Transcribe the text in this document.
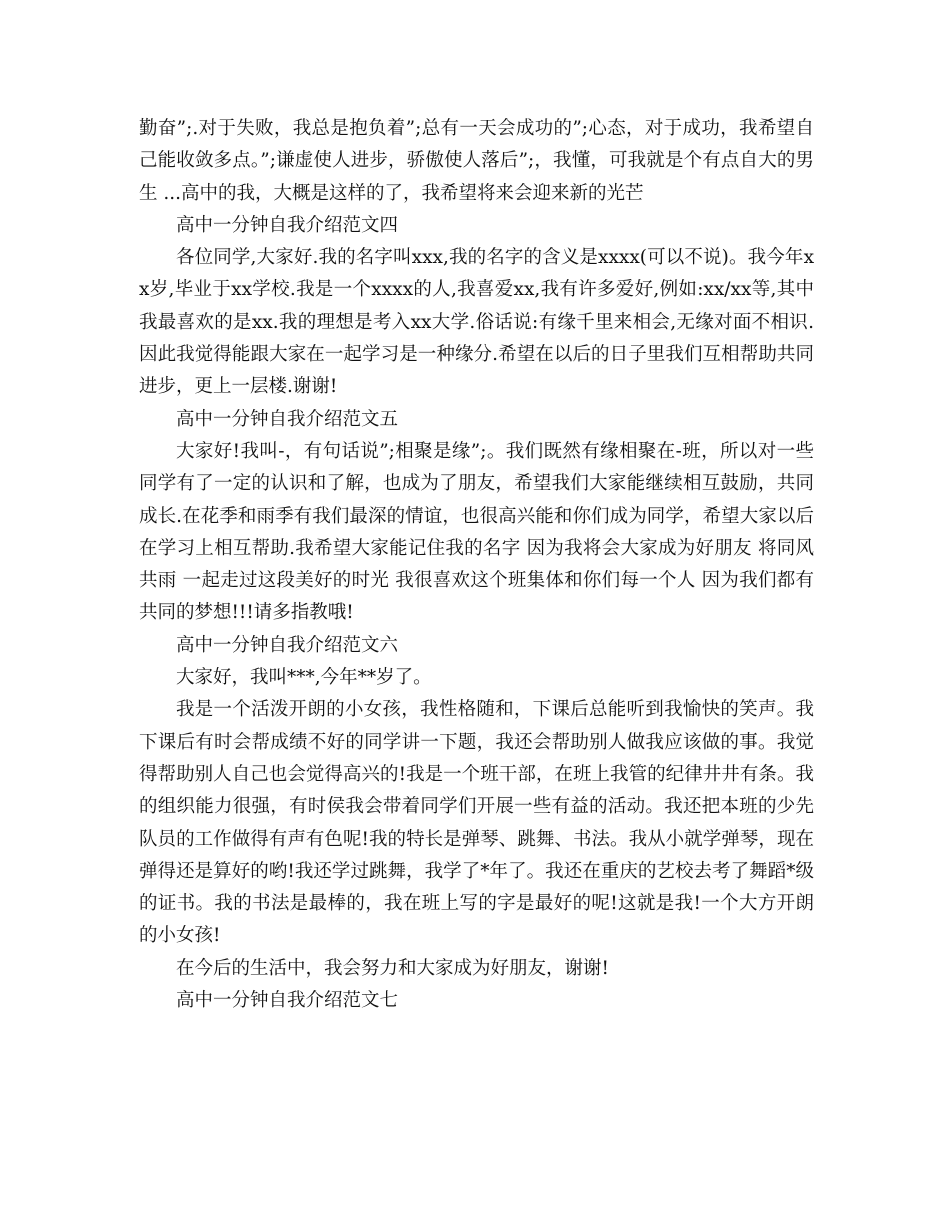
勤奋”;.对于失败，我总是抱负着”;总有一天会成功的”;心态，对于成功，我希望自己能收敛多点。”;谦虚使人进步，骄傲使人落后”;，我懂，可我就是个有点自大的男生 ...高中的我，大概是这样的了，我希望将来会迎来新的光芒

高中一分钟自我介绍范文四

各位同学,大家好.我的名字叫xxx,我的名字的含义是xxxx(可以不说)。我今年xx岁,毕业于xx学校.我是一个xxxx的人,我喜爱xx,我有许多爱好,例如:xx/xx等,其中我最喜欢的是xx.我的理想是考入xx大学.俗话说:有缘千里来相会,无缘对面不相识.因此我觉得能跟大家在一起学习是一种缘分.希望在以后的日子里我们互相帮助共同进步，更上一层楼.谢谢!

高中一分钟自我介绍范文五

大家好!我叫-，有句话说”;相聚是缘”;。我们既然有缘相聚在-班，所以对一些同学有了一定的认识和了解，也成为了朋友，希望我们大家能继续相互鼓励，共同成长.在花季和雨季有我们最深的情谊，也很高兴能和你们成为同学，希望大家以后在学习上相互帮助.我希望大家能记住我的名字 因为我将会大家成为好朋友 将同风共雨 一起走过这段美好的时光 我很喜欢这个班集体和你们每一个人 因为我们都有共同的梦想!!!请多指教哦!

高中一分钟自我介绍范文六

大家好，我叫***,今年**岁了。

我是一个活泼开朗的小女孩，我性格随和，下课后总能听到我愉快的笑声。我下课后有时会帮成绩不好的同学讲一下题，我还会帮助别人做我应该做的事。我觉得帮助别人自己也会觉得高兴的!我是一个班干部，在班上我管的纪律井井有条。我的组织能力很强，有时侯我会带着同学们开展一些有益的活动。我还把本班的少先队员的工作做得有声有色呢!我的特长是弹琴、跳舞、书法。我从小就学弹琴，现在弹得还是算好的哟!我还学过跳舞，我学了*年了。我还在重庆的艺校去考了舞蹈*级的证书。我的书法是最棒的，我在班上写的字是最好的呢!这就是我!一个大方开朗的小女孩!

在今后的生活中，我会努力和大家成为好朋友，谢谢!

高中一分钟自我介绍范文七
